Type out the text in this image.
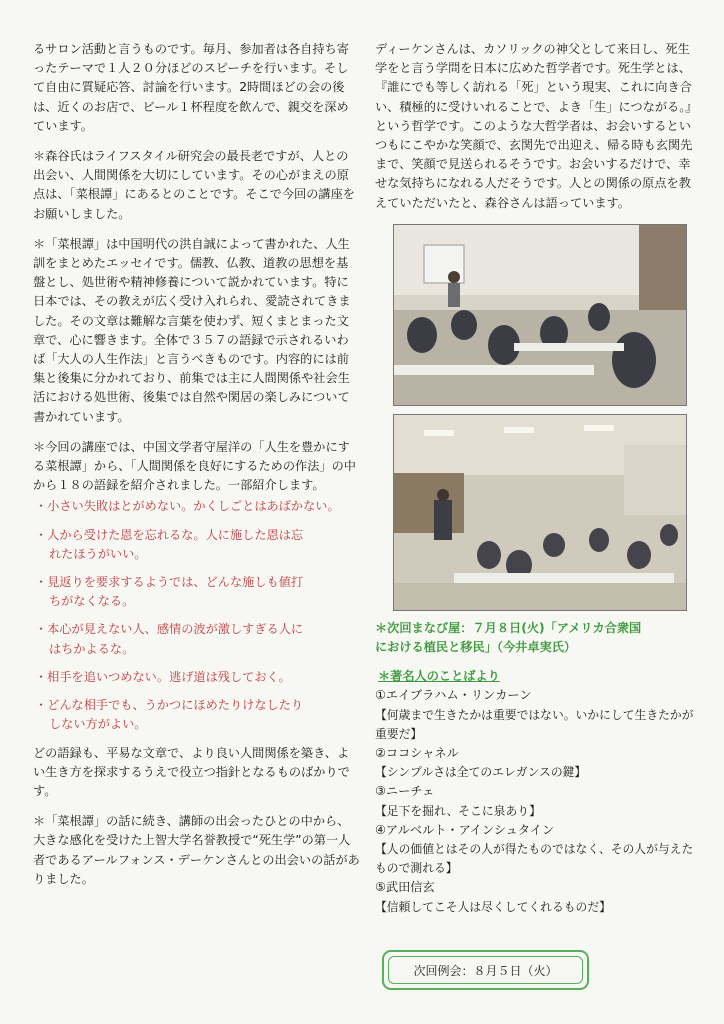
るサロン活動と言うものです。毎月、参加者は各自持ち寄ったテーマで１人２０分ほどのスピーチを行います。そして自由に質疑応答、討論を行います。2時間ほどの会の後は、近くのお店で、ビール１杯程度を飲んで、親交を深めています。

＊森谷氏はライフスタイル研究会の最長老ですが、人との出会い、人間関係を大切にしています。その心がまえの原点は、「菜根譚」にあるとのことです。そこで今回の講座をお願いしました。

＊「菜根譚」は中国明代の洪自誠によって書かれた、人生訓をまとめたエッセイです。儒教、仏教、道教の思想を基盤とし、処世術や精神修養について説かれています。特に日本では、その教えが広く受け入れられ、愛読されてきました。その文章は難解な言葉を使わず、短くまとまった文章で、心に響きます。全体で３５７の語録で示されるいわば「大人の人生作法」と言うべきものです。内容的には前集と後集に分かれており、前集では主に人間関係や社会生活における処世術、後集では自然や閑居の楽しみについて書かれています。

＊今回の講座では、中国文学者守屋洋の「人生を豊かにする菜根譚」から、「人間関係を良好にするための作法」の中から１８の語録を紹介されました。一部紹介します。

・小さい失敗はとがめない。かくしごとはあばかない。
・人から受けた恩を忘れるな。人に施した恩は忘
れたほうがいい。
・見返りを要求するようでは、どんな施しも値打
ちがなくなる。
・本心が見えない人、感情の波が激しすぎる人に
はちかよるな。
・相手を追いつめない。逃げ道は残しておく。
・どんな相手でも、うかつにほめたりけなしたり
しない方がよい。

どの語録も、平易な文章で、より良い人間関係を築き、よい生き方を探求するうえで役立つ指針となるものばかりです。

＊「菜根譚」の話に続き、講師の出会ったひとの中から、大きな感化を受けた上智大学名誉教授で“死生学”の第一人者であるアールフォンス・デーケンさんとの出会いの話がありました。

ディーケンさんは、カソリックの神父として来日し、死生学をと言う学問を日本に広めた哲学者です。死生学とは、『誰にでも等しく訪れる「死」という現実、これに向き合い、積極的に受けいれることで、よき「生」につながる。』という哲学です。このような大哲学者は、お会いするといつもにこやかな笑顔で、玄関先で出迎え、帰る時も玄関先まで、笑顔で見送られるそうです。お会いするだけで、幸せな気持ちになれる人だそうです。人との関係の原点を教えていただいたと、森谷さんは語っています。

＊次回まなび屋：７月８日(火)「アメリカ合衆国
における植民と移民」（今井卓実氏）
＊著名人のことばより
①エイブラハム・リンカーン
【何歳まで生きたかは重要ではない。いかにして生きたかが重要だ】
②ココシャネル
【シンプルさは全てのエレガンスの鍵】
③ニーチェ
【足下を掘れ、そこに泉あり】
④アルベルト・アインシュタイン
【人の価値とはその人が得たものではなく、その人が与えたもので測れる】
⑤武田信玄
【信頼してこそ人は尽くしてくれるものだ】
次回例会：８月５日（火）
